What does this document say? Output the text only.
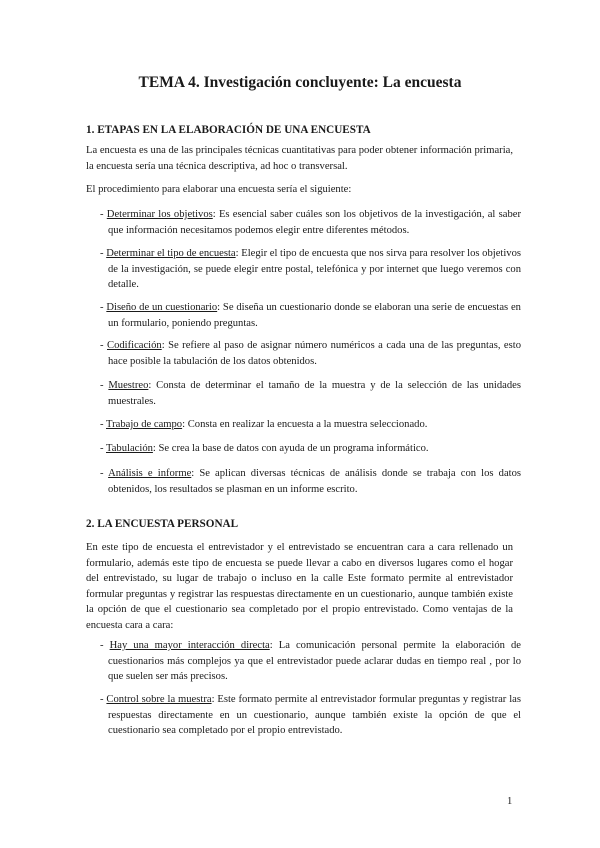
TEMA 4. Investigación concluyente: La encuesta
1. ETAPAS EN LA ELABORACIÓN DE UNA ENCUESTA

La encuesta es una de las principales técnicas cuantitativas para poder obtener información primaria, la encuesta sería una técnica descriptiva, ad hoc o transversal.

El procedimiento para elaborar una encuesta sería el siguiente:

- Determinar los objetivos: Es esencial saber cuáles son los objetivos de la investigación, al saber que información necesitamos podemos elegir entre diferentes métodos.

- Determinar el tipo de encuesta: Elegir el tipo de encuesta que nos sirva para resolver los objetivos de la investigación, se puede elegir entre postal, telefónica y por internet que luego veremos con detalle.

- Diseño de un cuestionario: Se diseña un cuestionario donde se elaboran una serie de encuestas en un formulario, poniendo preguntas.

- Codificación: Se refiere al paso de asignar número numéricos a cada una de las preguntas, esto hace posible la tabulación de los datos obtenidos.

- Muestreo: Consta de determinar el tamaño de la muestra y de la selección de las unidades muestrales.

- Trabajo de campo: Consta en realizar la encuesta a la muestra seleccionado.

- Tabulación: Se crea la base de datos con ayuda de un programa informático.

- Análisis e informe: Se aplican diversas técnicas de análisis donde se trabaja con los datos obtenidos, los resultados se plasman en un informe escrito.

2. LA ENCUESTA PERSONAL

En este tipo de encuesta el entrevistador y el entrevistado se encuentran cara a cara rellenado un formulario, además este tipo de encuesta se puede llevar a cabo en diversos lugares como el hogar del entrevistado, su lugar de trabajo o incluso en la calle Este formato permite al entrevistador formular preguntas y registrar las respuestas directamente en un cuestionario, aunque también existe la opción de que el cuestionario sea completado por el propio entrevistado. Como ventajas de la encuesta cara a cara:

- Hay una mayor interacción directa: La comunicación personal permite la elaboración de cuestionarios más complejos ya que el entrevistador puede aclarar dudas en tiempo real , por lo que suelen ser más precisos.

- Control sobre la muestra: Este formato permite al entrevistador formular preguntas y registrar las respuestas directamente en un cuestionario, aunque también existe la opción de que el cuestionario sea completado por el propio entrevistado.

1
